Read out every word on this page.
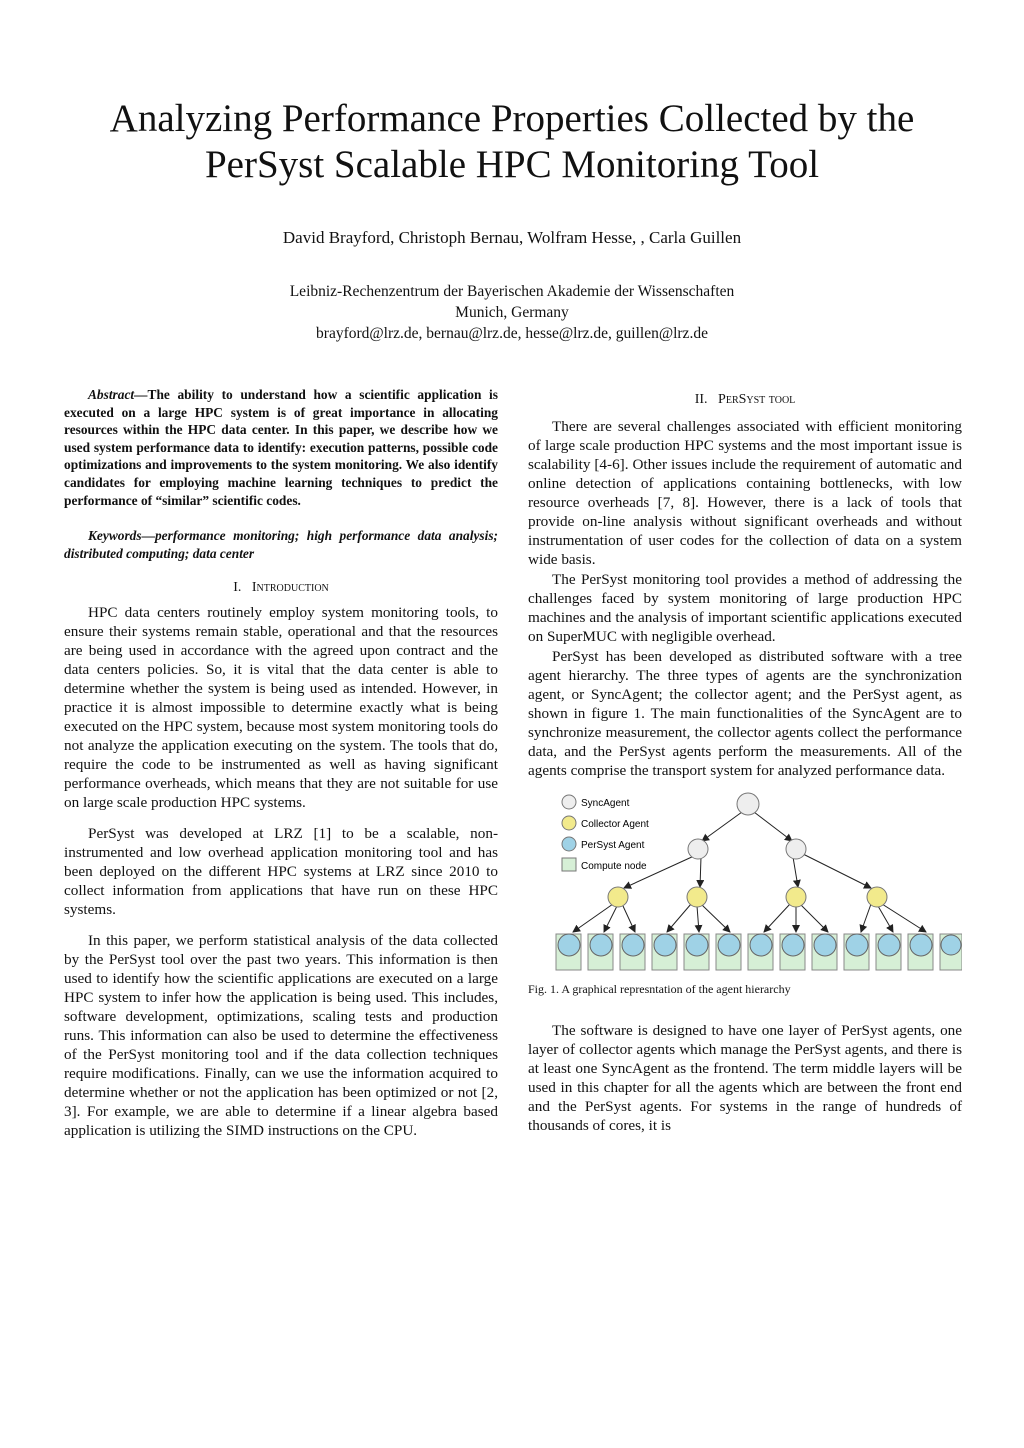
Analyzing Performance Properties Collected by the PerSyst Scalable HPC Monitoring Tool
David Brayford, Christoph Bernau, Wolfram Hesse, , Carla Guillen
Leibniz-Rechenzentrum der Bayerischen Akademie der Wissenschaften
Munich, Germany
brayford@lrz.de, bernau@lrz.de, hesse@lrz.de, guillen@lrz.de

Abstract—The ability to understand how a scientific application is executed on a large HPC system is of great importance in allocating resources within the HPC data center. In this paper, we describe how we used system performance data to identify: execution patterns, possible code optimizations and improvements to the system monitoring. We also identify candidates for employing machine learning techniques to predict the performance of “similar” scientific codes.

Keywords—performance monitoring; high performance data analysis; distributed computing; data center

I. Introduction

HPC data centers routinely employ system monitoring tools, to ensure their systems remain stable, operational and that the resources are being used in accordance with the agreed upon contract and the data centers policies. So, it is vital that the data center is able to determine whether the system is being used as intended. However, in practice it is almost impossible to determine exactly what is being executed on the HPC system, because most system monitoring tools do not analyze the application executing on the system. The tools that do, require the code to be instrumented as well as having significant performance overheads, which means that they are not suitable for use on large scale production HPC systems.

PerSyst was developed at LRZ [1] to be a scalable, non-instrumented and low overhead application monitoring tool and has been deployed on the different HPC systems at LRZ since 2010 to collect information from applications that have run on these HPC systems.

In this paper, we perform statistical analysis of the data collected by the PerSyst tool over the past two years. This information is then used to identify how the scientific applications are executed on a large HPC system to infer how the application is being used. This includes, software development, optimizations, scaling tests and production runs. This information can also be used to determine the effectiveness of the PerSyst monitoring tool and if the data collection techniques require modifications. Finally, can we use the information acquired to determine whether or not the application has been optimized or not [2, 3]. For example, we are able to determine if a linear algebra based application is utilizing the SIMD instructions on the CPU.

II. PerSyst tool

There are several challenges associated with efficient monitoring of large scale production HPC systems and the most important issue is scalability [4-6]. Other issues include the requirement of automatic and online detection of applications containing bottlenecks, with low resource overheads [7, 8]. However, there is a lack of tools that provide on-line analysis without significant overheads and without instrumentation of user codes for the collection of data on a system wide basis.

The PerSyst monitoring tool provides a method of addressing the challenges faced by system monitoring of large production HPC machines and the analysis of important scientific applications executed on SuperMUC with negligible overhead.

PerSyst has been developed as distributed software with a tree agent hierarchy. The three types of agents are the synchronization agent, or SyncAgent; the collector agent; and the PerSyst agent, as shown in figure 1. The main functionalities of the SyncAgent are to synchronize measurement, the collector agents collect the performance data, and the PerSyst agents perform the measurements. All of the agents comprise the transport system for analyzed performance data.

SyncAgent
Collector Agent
PerSyst Agent
Compute node

Fig. 1. A graphical represntation of the agent hierarchy

The software is designed to have one layer of PerSyst agents, one layer of collector agents which manage the PerSyst agents, and there is at least one SyncAgent as the frontend. The term middle layers will be used in this chapter for all the agents which are between the front end and the PerSyst agents. For systems in the range of hundreds of thousands of cores, it is
